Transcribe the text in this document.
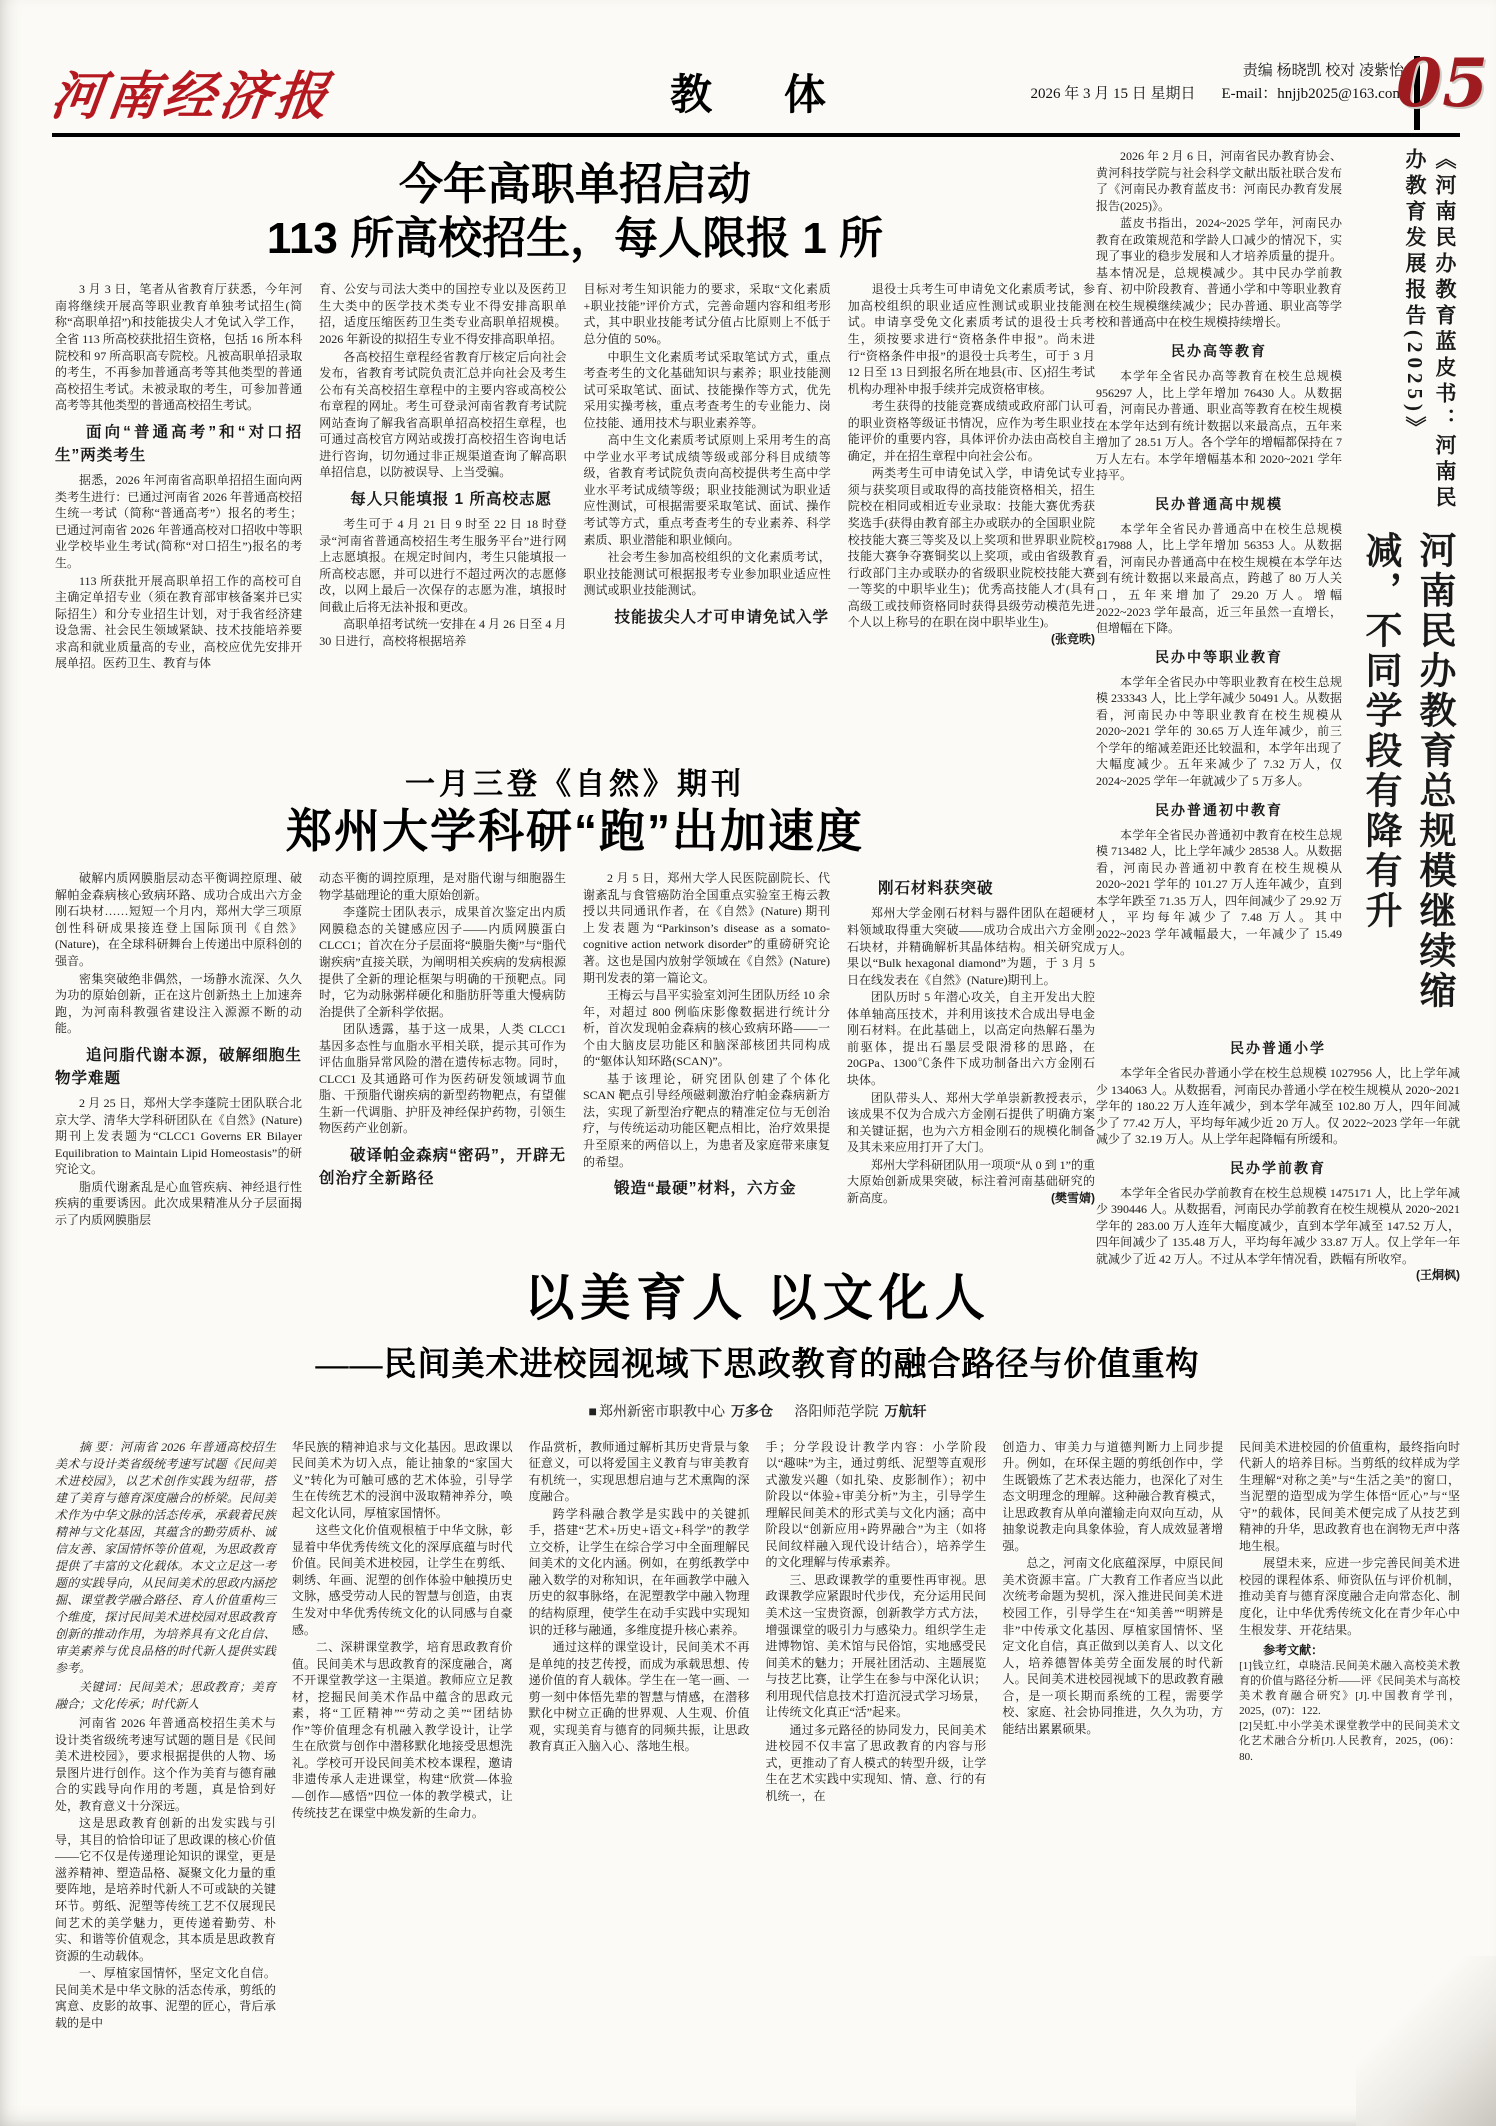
河南经济报	教 体	责编 杨晓凯 校对 凌紫怡
2026 年 3 月 15 日 星期日 E-mail：hnjjb2025@163.com
05
今年高职单招启动
113 所高校招生，每人限报 1 所
3 月 3 日，笔者从省教育厅获悉，今年河南将继续开展高等职业教育单独考试招生(简称“高职单招”)和技能拔尖人才免试入学工作，全省 113 所高校获批招生资格，包括 16 所本科院校和 97 所高职高专院校。凡被高职单招录取的考生，不再参加普通高考等其他类型的普通高校招生考试。未被录取的考生，可参加普通高考等其他类型的普通高校招生考试。
面向“普通高考”和“对口招生”两类考生
据悉，2026 年河南省高职单招招生面向两类考生进行：已通过河南省 2026 年普通高校招生统一考试（简称“普通高考”）报名的考生；已通过河南省 2026 年普通高校对口招收中等职业学校毕业生考试(简称“对口招生”)报名的考生。
113 所获批开展高职单招工作的高校可自主确定单招专业（须在教育部审核备案并已实际招生）和分专业招生计划，对于我省经济建设急需、社会民生领域紧缺、技术技能培养要求高和就业质量高的专业，高校应优先安排开展单招。医药卫生、教育与体
育、公安与司法大类中的国控专业以及医药卫生大类中的医学技术类专业不得安排高职单招，适度压缩医药卫生类专业高职单招规模。2026 年新设的拟招生专业不得安排高职单招。
各高校招生章程经省教育厅核定后向社会发布，省教育考试院负责汇总并向社会及考生公布有关高校招生章程中的主要内容或高校公布章程的网址。考生可登录河南省教育考试院网站查询了解我省高职单招高校招生章程，也可通过高校官方网站或拨打高校招生咨询电话进行咨询，切勿通过非正规渠道查询了解高职单招信息，以防被误导、上当受骗。
每人只能填报 1 所高校志愿
考生可于 4 月 21 日 9 时至 22 日 18 时登录“河南省普通高校招生考生服务平台”进行网上志愿填报。在规定时间内，考生只能填报一所高校志愿，并可以进行不超过两次的志愿修改，以网上最后一次保存的志愿为准，填报时间截止后将无法补报和更改。
高职单招考试统一安排在 4 月 26 日至 4 月 30 日进行，高校将根据培养
目标对考生知识能力的要求，采取“文化素质+职业技能”评价方式，完善命题内容和组考形式，其中职业技能考试分值占比原则上不低于总分值的 50%。
中职生文化素质考试采取笔试方式，重点考查考生的文化基础知识与素养；职业技能测试可采取笔试、面试、技能操作等方式，优先采用实操考核，重点考查考生的专业能力、岗位技能、通用技术与职业素养等。
高中生文化素质考试原则上采用考生的高中学业水平考试成绩等级或部分科目成绩等级，省教育考试院负责向高校提供考生高中学业水平考试成绩等级；职业技能测试为职业适应性测试，可根据需要采取笔试、面试、操作考试等方式，重点考查考生的专业素养、科学素质、职业潜能和职业倾向。
社会考生参加高校组织的文化素质考试，职业技能测试可根据报考专业参加职业适应性测试或职业技能测试。
技能拔尖人才可申请免试入学
退役士兵考生可申请免文化素质考试，参加高校组织的职业适应性测试或职业技能测试。申请享受免文化素质考试的退役士兵考生，须按要求进行“资格条件申报”。尚未进行“资格条件申报”的退役士兵考生，可于 3 月 12 日至 13 日到报名所在地县(市、区)招生考试机构办理补申报手续并完成资格审核。
考生获得的技能竞赛成绩或政府部门认可的职业资格等级证书情况，应作为考生职业技能评价的重要内容，具体评价办法由高校自主确定，并在招生章程中向社会公布。
两类考生可申请免试入学，申请免试专业须与获奖项目或取得的高技能资格相关，招生院校在相同或相近专业录取：技能大赛优秀获奖选手(获得由教育部主办或联办的全国职业院校技能大赛三等奖及以上奖项和世界职业院校技能大赛争夺赛铜奖以上奖项，或由省级教育行政部门主办或联办的省级职业院校技能大赛一等奖的中职毕业生)；优秀高技能人才(具有高级工或技师资格同时获得县级劳动模范先进个人以上称号的在职在岗中职毕业生)。
(张竞昳)
一月三登《自然》期刊
郑州大学科研“跑”出加速度
破解内质网膜脂层动态平衡调控原理、破解帕金森病核心致病环路、成功合成出六方金刚石块材……短短一个月内，郑州大学三项原创性科研成果接连登上国际顶刊《自然》(Nature)，在全球科研舞台上传递出中原科创的强音。
密集突破绝非偶然，一场静水流深、久久为功的原始创新，正在这片创新热土上加速奔跑，为河南科教强省建设注入源源不断的动能。
追问脂代谢本源，破解细胞生物学难题
2 月 25 日，郑州大学李蓬院士团队联合北京大学、清华大学科研团队在《自然》(Nature) 期刊上发表题为“CLCC1 Governs ER Bilayer Equilibration to Maintain Lipid Homeostasis”的研究论文。
脂质代谢紊乱是心血管疾病、神经退行性疾病的重要诱因。此次成果精准从分子层面揭示了内质网膜脂层
动态平衡的调控原理，是对脂代谢与细胞器生物学基础理论的重大原始创新。
李蓬院士团队表示，成果首次鉴定出内质网膜稳态的关键感应因子——内质网膜蛋白 CLCC1；首次在分子层面将“膜脂失衡”与“脂代谢疾病”直接关联，为阐明相关疾病的发病根源提供了全新的理论框架与明确的干预靶点。同时，它为动脉粥样硬化和脂肪肝等重大慢病防治提供了全新科学依据。
团队透露，基于这一成果，人类 CLCC1 基因多态性与血脂水平相关联，提示其可作为评估血脂异常风险的潜在遗传标志物。同时，CLCC1 及其通路可作为医药研发领域调节血脂、干预脂代谢疾病的新型药物靶点，有望催生新一代调脂、护肝及神经保护药物，引领生物医药产业创新。
破译帕金森病“密码”，开辟无创治疗全新路径
2 月 5 日，郑州大学人民医院副院长、代谢紊乱与食管癌防治全国重点实验室王梅云教授以共同通讯作者，在《自然》(Nature) 期刊上发表题为“Parkinson’s disease as a somato-cognitive action network disorder”的重磅研究论著。这也是国内放射学领域在《自然》(Nature)期刊发表的第一篇论文。
王梅云与昌平实验室刘河生团队历经 10 余年，对超过 800 例临床影像数据进行统计分析，首次发现帕金森病的核心致病环路——一个由大脑皮层功能区和脑深部核团共同构成的“躯体认知环路(SCAN)”。
基于该理论，研究团队创建了个体化 SCAN 靶点引导经颅磁刺激治疗帕金森病新方法，实现了新型治疗靶点的精准定位与无创治疗，与传统运动功能区靶点相比，治疗效果提升至原来的两倍以上，为患者及家庭带来康复的希望。
锻造“最硬”材料，六方金
刚石材料获突破
郑州大学金刚石材料与器件团队在超硬材料领域取得重大突破——成功合成出六方金刚石块材，并精确解析其晶体结构。相关研究成果以“Bulk hexagonal diamond”为题，于 3 月 5 日在线发表在《自然》(Nature)期刊上。
团队历时 5 年潜心攻关，自主开发出大腔体单轴高压技术，并利用该技术合成出导电金刚石材料。在此基础上，以高定向热解石墨为前驱体，提出石墨层受限滑移的思路，在 20GPa、1300℃条件下成功制备出六方金刚石块体。
团队带头人、郑州大学单崇新教授表示，该成果不仅为合成六方金刚石提供了明确方案和关键证据，也为六方相金刚石的规模化制备及其未来应用打开了大门。
郑州大学科研团队用一项项“从 0 到 1”的重大原始创新成果突破，标注着河南基础研究的新高度。	(樊雪婧)
2026 年 2 月 6 日，河南省民办教育协会、黄河科技学院与社会科学文献出版社联合发布了《河南民办教育蓝皮书：河南民办教育发展报告(2025)》。
蓝皮书指出，2024~2025 学年，河南民办教育在政策规范和学龄人口减少的情况下，实现了事业的稳步发展和人才培养质量的提升。基本情况是，总规模减少。其中民办学前教育、初中阶段教育、普通小学和中等职业教育在校生规模继续减少；民办普通、职业高等学校和普通高中在校生规模持续增长。
民办高等教育
本学年全省民办高等教育在校生总规模 956297 人，比上学年增加 76430 人。从数据看，河南民办普通、职业高等教育在校生规模在本学年达到有统计数据以来最高点，五年来增加了 28.51 万人。各个学年的增幅都保持在 7 万人左右。本学年增幅基本和 2020~2021 学年持平。
民办普通高中规模
本学年全省民办普通高中在校生总规模 817988 人，比上学年增加 56353 人。从数据看，河南民办普通高中在校生规模在本学年达到有统计数据以来最高点，跨越了 80 万人关口，五年来增加了 29.20 万人。增幅 2022~2023 学年最高，近三年虽然一直增长，但增幅在下降。
民办中等职业教育
本学年全省民办中等职业教育在校生总规模 233343 人，比上学年减少 50491 人。从数据看，河南民办中等职业教育在校生规模从 2020~2021 学年的 30.65 万人连年减少，前三个学年的缩减差距还比较温和，本学年出现了大幅度减少。五年来减少了 7.32 万人，仅 2024~2025 学年一年就减少了 5 万多人。
民办普通初中教育
本学年全省民办普通初中教育在校生总规模 713482 人，比上学年减少 28538 人。从数据看，河南民办普通初中教育在校生规模从 2020~2021 学年的 101.27 万人连年减少，直到本学年跌至 71.35 万人，四年间减少了 29.92 万人，平均每年减少了 7.48 万人。其中 2022~2023 学年减幅最大，一年减少了 15.49 万人。
《河南民办教育蓝皮书：河南民办教育发展报告(2025)》
河南民办教育总规模继续缩减，不同学段有降有升
民办普通小学
本学年全省民办普通小学在校生总规模 1027956 人，比上学年减少 134063 人。从数据看，河南民办普通小学在校生规模从 2020~2021 学年的 180.22 万人连年减少，到本学年减至 102.80 万人，四年间减少了 77.42 万人，平均每年减少近 20 万人。仅 2022~2023 学年一年就减少了 32.19 万人。从上学年起降幅有所缓和。
民办学前教育
本学年全省民办学前教育在校生总规模 1475171 人，比上学年减少 390446 人。从数据看，河南民办学前教育在校生规模从 2020~2021 学年的 283.00 万人连年大幅度减少，直到本学年减至 147.52 万人，四年间减少了 135.48 万人，平均每年减少 33.87 万人。仅上学年一年就减少了近 42 万人。不过从本学年情况看，跌幅有所收窄。
(王烔枫)
以美育人 以文化人
——民间美术进校园视域下思政教育的融合路径与价值重构
■ 郑州新密市职教中心 万多仓 洛阳师范学院 万航轩
摘 要：河南省 2026 年普通高校招生美术与设计类省级统考速写试题《民间美术进校园》，以艺术创作实践为纽带，搭建了美育与德育深度融合的桥梁。民间美术作为中华文脉的活态传承，承载着民族精神与文化基因，其蕴含的勤劳质朴、诚信友善、家国情怀等价值观，为思政教育提供了丰富的文化载体。本文立足这一考题的实践导向，从民间美术的思政内涵挖掘、课堂教学融合路径、育人价值重构三个维度，探讨民间美术进校园对思政教育创新的推动作用，为培养具有文化自信、审美素养与优良品格的时代新人提供实践参考。
关键词：民间美术；思政教育；美育融合；文化传承；时代新人
河南省 2026 年普通高校招生美术与设计类省级统考速写试题的题目是《民间美术进校园》，要求根据提供的人物、场景图片进行创作。这个作为美育与德育融合的实践导向作用的考题，真是恰到好处，教育意义十分深远。
这是思政教育创新的出发实践与引导，其目的恰恰印证了思政课的核心价值——它不仅是传递理论知识的课堂，更是滋养精神、塑造品格、凝聚文化力量的重要阵地，是培养时代新人不可或缺的关键环节。剪纸、泥塑等传统工艺不仅展现民间艺术的美学魅力，更传递着勤劳、朴实、和谐等价值观念，其本质是思政教育资源的生动载体。
一、厚植家国情怀，坚定文化自信。民间美术是中华文脉的活态传承，剪纸的寓意、皮影的故事、泥塑的匠心，背后承载的是中
华民族的精神追求与文化基因。思政课以民间美术为切入点，能让抽象的“家国大义”转化为可触可感的艺术体验，引导学生在传统艺术的浸润中汲取精神养分，唤起文化认同，厚植家国情怀。
这些文化价值观根植于中华文脉，彰显着中华优秀传统文化的深厚底蕴与时代价值。民间美术进校园，让学生在剪纸、刺绣、年画、泥塑的创作体验中触摸历史文脉，感受劳动人民的智慧与创造，由衷生发对中华优秀传统文化的认同感与自豪感。
二、深耕课堂教学，培育思政教育价值。民间美术与思政教育的深度融合，离不开课堂教学这一主渠道。教师应立足教材，挖掘民间美术作品中蕴含的思政元素，将“工匠精神”“劳动之美”“团结协作”等价值理念有机融入教学设计，让学生在欣赏与创作中潜移默化地接受思想洗礼。学校可开设民间美术校本课程，邀请非遗传承人走进课堂，构建“欣赏—体验—创作—感悟”四位一体的教学模式，让传统技艺在课堂中焕发新的生命力。
作品赏析，教师通过解析其历史背景与象征意义，可以将爱国主义教育与审美教育有机统一，实现思想启迪与艺术熏陶的深度融合。
跨学科融合教学是实践中的关键抓手，搭建“艺术+历史+语文+科学”的教学立交桥，让学生在综合学习中全面理解民间美术的文化内涵。例如，在剪纸教学中融入数学的对称知识，在年画教学中融入历史的叙事脉络，在泥塑教学中融入物理的结构原理，使学生在动手实践中实现知识的迁移与融通，多维度提升核心素养。
通过这样的课堂设计，民间美术不再是单纯的技艺传授，而成为承载思想、传递价值的育人载体。学生在一笔一画、一剪一刻中体悟先辈的智慧与情感，在潜移默化中树立正确的世界观、人生观、价值观，实现美育与德育的同频共振，让思政教育真正入脑入心、落地生根。
手；分学段设计教学内容：小学阶段以“趣味”为主，通过剪纸、泥塑等直观形式激发兴趣（如扎染、皮影制作）；初中阶段以“体验+审美分析”为主，引导学生理解民间美术的形式美与文化内涵；高中阶段以“创新应用+跨界融合”为主（如将民间纹样融入现代设计结合），培养学生的文化理解与传承素养。
三、思政课教学的重要性再审视。思政课教学应紧跟时代步伐，充分运用民间美术这一宝贵资源，创新教学方式方法，增强课堂的吸引力与感染力。组织学生走进博物馆、美术馆与民俗馆，实地感受民间美术的魅力；开展社团活动、主题展览与技艺比赛，让学生在参与中深化认识；利用现代信息技术打造沉浸式学习场景，让传统文化真正“活”起来。
通过多元路径的协同发力，民间美术进校园不仅丰富了思政教育的内容与形式，更推动了育人模式的转型升级，让学生在艺术实践中实现知、情、意、行的有机统一，在
创造力、审美力与道德判断力上同步提升。例如，在环保主题的剪纸创作中，学生既锻炼了艺术表达能力，也深化了对生态文明理念的理解。这种融合教育模式，让思政教育从单向灌输走向双向互动，从抽象说教走向具象体验，育人成效显著增强。
总之，河南文化底蕴深厚，中原民间美术资源丰富。广大教育工作者应当以此次统考命题为契机，深入推进民间美术进校园工作，引导学生在“知美善”“明辨是非”中传承文化基因、厚植家国情怀、坚定文化自信，真正做到以美育人、以文化人，培养德智体美劳全面发展的时代新人。民间美术进校园视域下的思政教育融合，是一项长期而系统的工程，需要学校、家庭、社会协同推进，久久为功，方能结出累累硕果。
民间美术进校园的价值重构，最终指向时代新人的培养目标。当剪纸的纹样成为学生理解“对称之美”与“生活之美”的窗口，当泥塑的造型成为学生体悟“匠心”与“坚守”的载体，民间美术便完成了从技艺到精神的升华，思政教育也在润物无声中落地生根。
展望未来，应进一步完善民间美术进校园的课程体系、师资队伍与评价机制，推动美育与德育深度融合走向常态化、制度化，让中华优秀传统文化在青少年心中生根发芽、开花结果。
参考文献：
[1]钱立红，卓晓洁.民间美术融入高校美术教育的价值与路径分析——评《民间美术与高校美术教育融合研究》[J].中国教育学刊，2025，(07)：122.
[2]吴虹.中小学美术课堂教学中的民间美术文化艺术融合分析[J].人民教育，2025，(06)：80.
